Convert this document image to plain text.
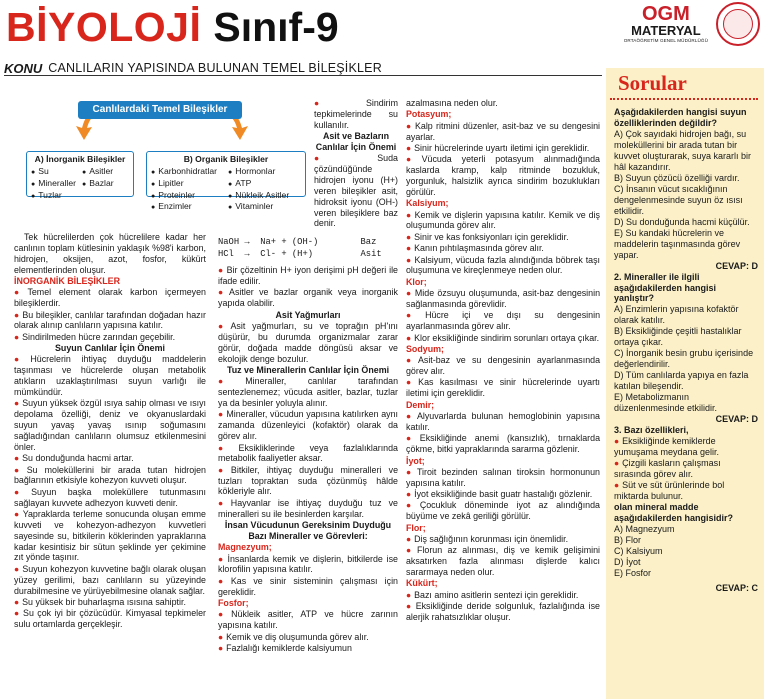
BİYOLOJİ Sınıf-9	OGM
MATERYAL
ORTAÖĞRETİM GENEL MÜDÜRLÜĞÜ
KONU CANLILARIN YAPISINDA BULUNAN TEMEL BİLEŞİKLER
Canlılardaki Temel Bileşikler
A) İnorganik Bileşikler
● Su	● Asitler
● Mineraller	● Bazlar
● Tuzlar
B) Organik Bileşikler
● Karbonhidratlar	● Hormonlar
● Lipitler	● ATP
● Proteinler	● Nükleik Asitler
● Enzimler	● Vitaminler

Tek hücrelilerden çok hücrelilere kadar her canlının toplam kütlesinin yaklaşık %98'i karbon, hidrojen, oksijen, azot, fosfor, kükürt elementlerinden oluşur.

İNORGANİK BİLEŞİKLER

● Temel element olarak karbon içermeyen bileşiklerdir.

● Bu bileşikler, canlılar tarafından doğadan hazır olarak alınıp canlıların yapısına katılır.

● Sindirilmeden hücre zarından geçebilir.

Suyun Canlılar İçin Önemi

● Hücrelerin ihtiyaç duyduğu maddelerin taşınması ve hücrelerde oluşan metabolik atıkların uzaklaştırılması suyun varlığı ile mümkündür.

● Suyun yüksek özgül ısıya sahip olması ve ısıyı depolama özelliği, deniz ve okyanuslardaki suyun yavaş yavaş ısınıp soğumasını sağladığından canlıların olumsuz etkilenmesini önler.

● Su donduğunda hacmi artar.

● Su moleküllerini bir arada tutan hidrojen bağlarının etkisiyle kohezyon kuvveti oluşur.

● Suyun başka moleküllere tutunmasını sağlayan kuvvete adhezyon kuvveti denir.

● Yapraklarda terleme sonucunda oluşan emme kuvveti ve kohezyon-adhezyon kuvvetleri sayesinde su, bitkilerin köklerinden yapraklarına kadar kesintisiz bir sütun şeklinde yer çekimine zıt yönde taşınır.

● Suyun kohezyon kuvvetine bağlı olarak oluşan yüzey gerilimi, bazı canlıların su yüzeyinde durabilmesine ve yürüyebilmesine olanak sağlar.

● Su yüksek bir buharlaşma ısısına sahiptir.

● Su çok iyi bir çözücüdür. Kimyasal tepkimeler sulu ortamlarda gerçekleşir.

● Sindirim tepkimelerinde su kullanılır.

Asit ve Bazların Canlılar İçin Önemi

● Suda çözündüğünde hidrojen iyonu (H+) veren bileşikler asit, hidroksit iyonu (OH-) veren bileşiklere baz denir.

NaOH →  Na+ + (OH-)        Baz

HCl  →  Cl- + (H+)         Asit

● Bir çözeltinin H+ iyon derişimi pH değeri ile ifade edilir.

● Asitler ve bazlar organik veya inorganik yapıda olabilir.

Asit Yağmurları

● Asit yağmurları, su ve toprağın pH'ını düşürür, bu durumda organizmalar zarar görür, doğada madde döngüsü aksar ve ekolojik denge bozulur.

Tuz ve Minerallerin Canlılar İçin Önemi

● Mineraller, canlılar tarafından sentezlenemez; vücuda asitler, bazlar, tuzlar ya da besinler yoluyla alınır.

● Mineraller, vücudun yapısına katılırken aynı zamanda düzenleyici (kofaktör) olarak da görev alır.

● Eksikliklerinde veya fazlalıklarında metabolik faaliyetler aksar.

● Bitkiler, ihtiyaç duyduğu mineralleri ve tuzları topraktan suda çözünmüş hâlde kökleriyle alır.

● Hayvanlar ise ihtiyaç duyduğu tuz ve mineralleri su ile besinlerden karşılar.

İnsan Vücudunun Gereksinim Duyduğu Bazı Mineraller ve Görevleri:

Magnezyum;

● İnsanlarda kemik ve dişlerin, bitkilerde ise klorofilin yapısına katılır.

● Kas ve sinir sisteminin çalışması için gereklidir.

Fosfor;

● Nükleik asitler, ATP ve hücre zarının yapısına katılır.

● Kemik ve diş oluşumunda görev alır.

● Fazlalığı kemiklerde kalsiyumun

azalmasına neden olur.

Potasyum;

● Kalp ritmini düzenler, asit-baz ve su dengesini ayarlar.

● Sinir hücrelerinde uyartı iletimi için gereklidir.

● Vücuda yeterli potasyum alınmadığında kaslarda kramp, kalp ritminde bozukluk, yorgunluk, halsizlik ayrıca sindirim bozuklukları görülür.

Kalsiyum;

● Kemik ve dişlerin yapısına katılır. Kemik ve diş oluşumunda görev alır.

● Sinir ve kas fonksiyonları için gereklidir.

● Kanın pıhtılaşmasında görev alır.

● Kalsiyum, vücuda fazla alındığında böbrek taşı oluşumuna ve kireçlenmeye neden olur.

Klor;

● Mide özsuyu oluşumunda, asit-baz dengesinin sağlanmasında görevlidir.

● Hücre içi ve dışı su dengesinin ayarlanmasında görev alır.

● Klor eksikliğinde sindirim sorunları ortaya çıkar.

Sodyum;

● Asit-baz ve su dengesinin ayarlanmasında görev alır.

● Kas kasılması ve sinir hücrelerinde uyartı iletimi için gereklidir.

Demir;

● Alyuvarlarda bulunan hemoglobinin yapısına katılır.

● Eksikliğinde anemi (kansızlık), tırnaklarda çökme, bitki yapraklarında sararma gözlenir.

İyot;

● Tiroit bezinden salınan tiroksin hormonunun yapısına katılır.

● İyot eksikliğinde basit guatr hastalığı gözlenir.

● Çocukluk döneminde iyot az alındığında büyüme ve zekâ geriliği görülür.

Flor;

● Diş sağlığının korunması için önemlidir.

● Florun az alınması, diş ve kemik gelişimini aksatırken fazla alınması dişlerde kalıcı sararmaya neden olur.

Kükürt;

● Bazı amino asitlerin sentezi için gereklidir.

● Eksikliğinde deride solgunluk, fazlalığında ise alerjik rahatsızlıklar oluşur.

Sorular

Aşağıdakilerden hangisi suyun özelliklerinden değildir?

A) Çok sayıdaki hidrojen bağı, su moleküllerini bir arada tutan bir kuvvet oluşturarak, suya kararlı bir hâl kazandırır.

B) Suyun çözücü özelliği vardır.

C) İnsanın vücut sıcaklığının dengelenmesinde suyun öz ısısı etkilidir.

D) Su donduğunda hacmi küçülür.

E) Su kandaki hücrelerin ve maddelerin taşınmasında görev yapar.

CEVAP: D

2. Mineraller ile ilgili aşağıdakilerden hangisi yanlıştır?

A) Enzimlerin yapısına kofaktör olarak katılır.

B) Eksikliğinde çeşitli hastalıklar ortaya çıkar.

C) İnorganik besin grubu içerisinde değerlendirilir.

D) Tüm canlılarda yapıya en fazla katılan bileşendir.

E) Metabolizmanın düzenlenmesinde etkilidir.

CEVAP: D

3. Bazı özellikleri,

● Eksikliğinde kemiklerde yumuşama meydana gelir.

● Çizgili kasların çalışması sırasında görev alır.

● Süt ve süt ürünlerinde bol miktarda bulunur.

olan mineral madde aşağıdakilerden hangisidir?

A) Magnezyum

B) Flor

C) Kalsiyum

D) İyot

E) Fosfor

CEVAP: C
